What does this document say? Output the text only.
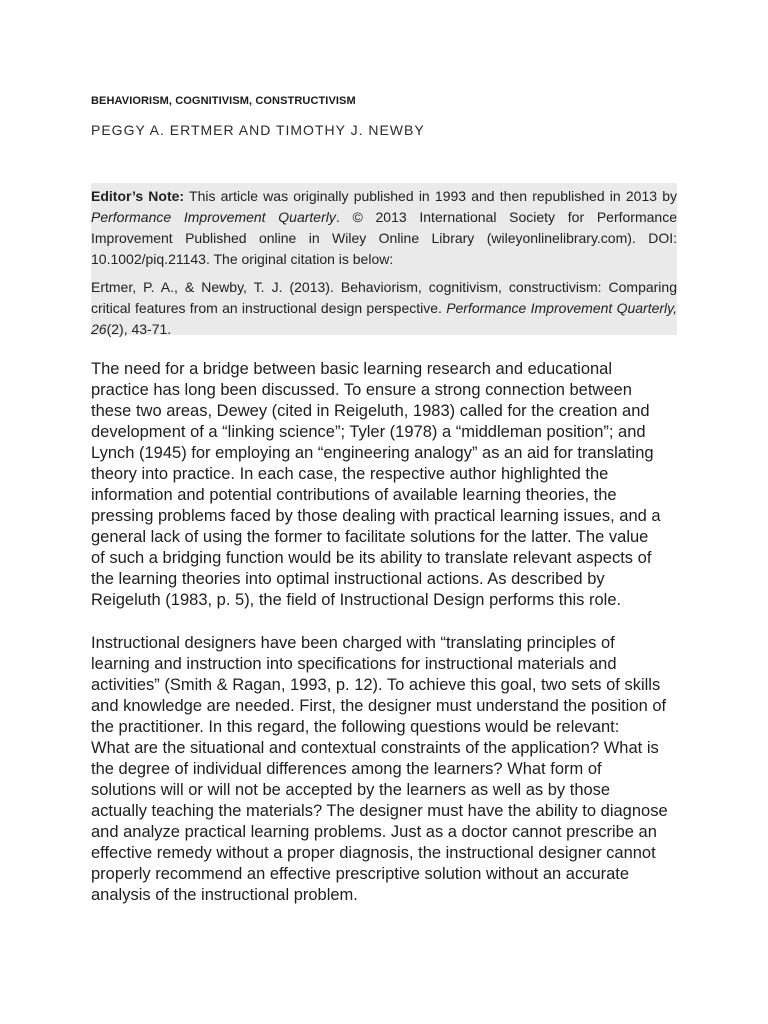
BEHAVIORISM, COGNITIVISM, CONSTRUCTIVISM
PEGGY A. ERTMER AND TIMOTHY J. NEWBY

Editor’s Note: This article was originally published in 1993 and then republished in 2013 by Performance Improvement Quarterly. © 2013 International Society for Performance Improvement Published online in Wiley Online Library (wileyonlinelibrary.com). DOI: 10.1002/piq.21143. The original citation is below:

Ertmer, P. A., & Newby, T. J. (2013). Behaviorism, cognitivism, constructivism: Comparing critical features from an instructional design perspective. Performance Improvement Quarterly, 26(2), 43-71.

The need for a bridge between basic learning research and educational
practice has long been discussed. To ensure a strong connection between
these two areas, Dewey (cited in Reigeluth, 1983) called for the creation and
development of a “linking science”; Tyler (1978) a “middleman position”; and
Lynch (1945) for employing an “engineering analogy” as an aid for translating
theory into practice. In each case, the respective author highlighted the
information and potential contributions of available learning theories, the
pressing problems faced by those dealing with practical learning issues, and a
general lack of using the former to facilitate solutions for the latter. The value
of such a bridging function would be its ability to translate relevant aspects of
the learning theories into optimal instructional actions. As described by
Reigeluth (1983, p. 5), the field of Instructional Design performs this role.
Instructional designers have been charged with “translating principles of
learning and instruction into specifications for instructional materials and
activities” (Smith & Ragan, 1993, p. 12). To achieve this goal, two sets of skills
and knowledge are needed. First, the designer must understand the position of
the practitioner. In this regard, the following questions would be relevant:
What are the situational and contextual constraints of the application? What is
the degree of individual differences among the learners? What form of
solutions will or will not be accepted by the learners as well as by those
actually teaching the materials? The designer must have the ability to diagnose
and analyze practical learning problems. Just as a doctor cannot prescribe an
effective remedy without a proper diagnosis, the instructional designer cannot
properly recommend an effective prescriptive solution without an accurate
analysis of the instructional problem.
